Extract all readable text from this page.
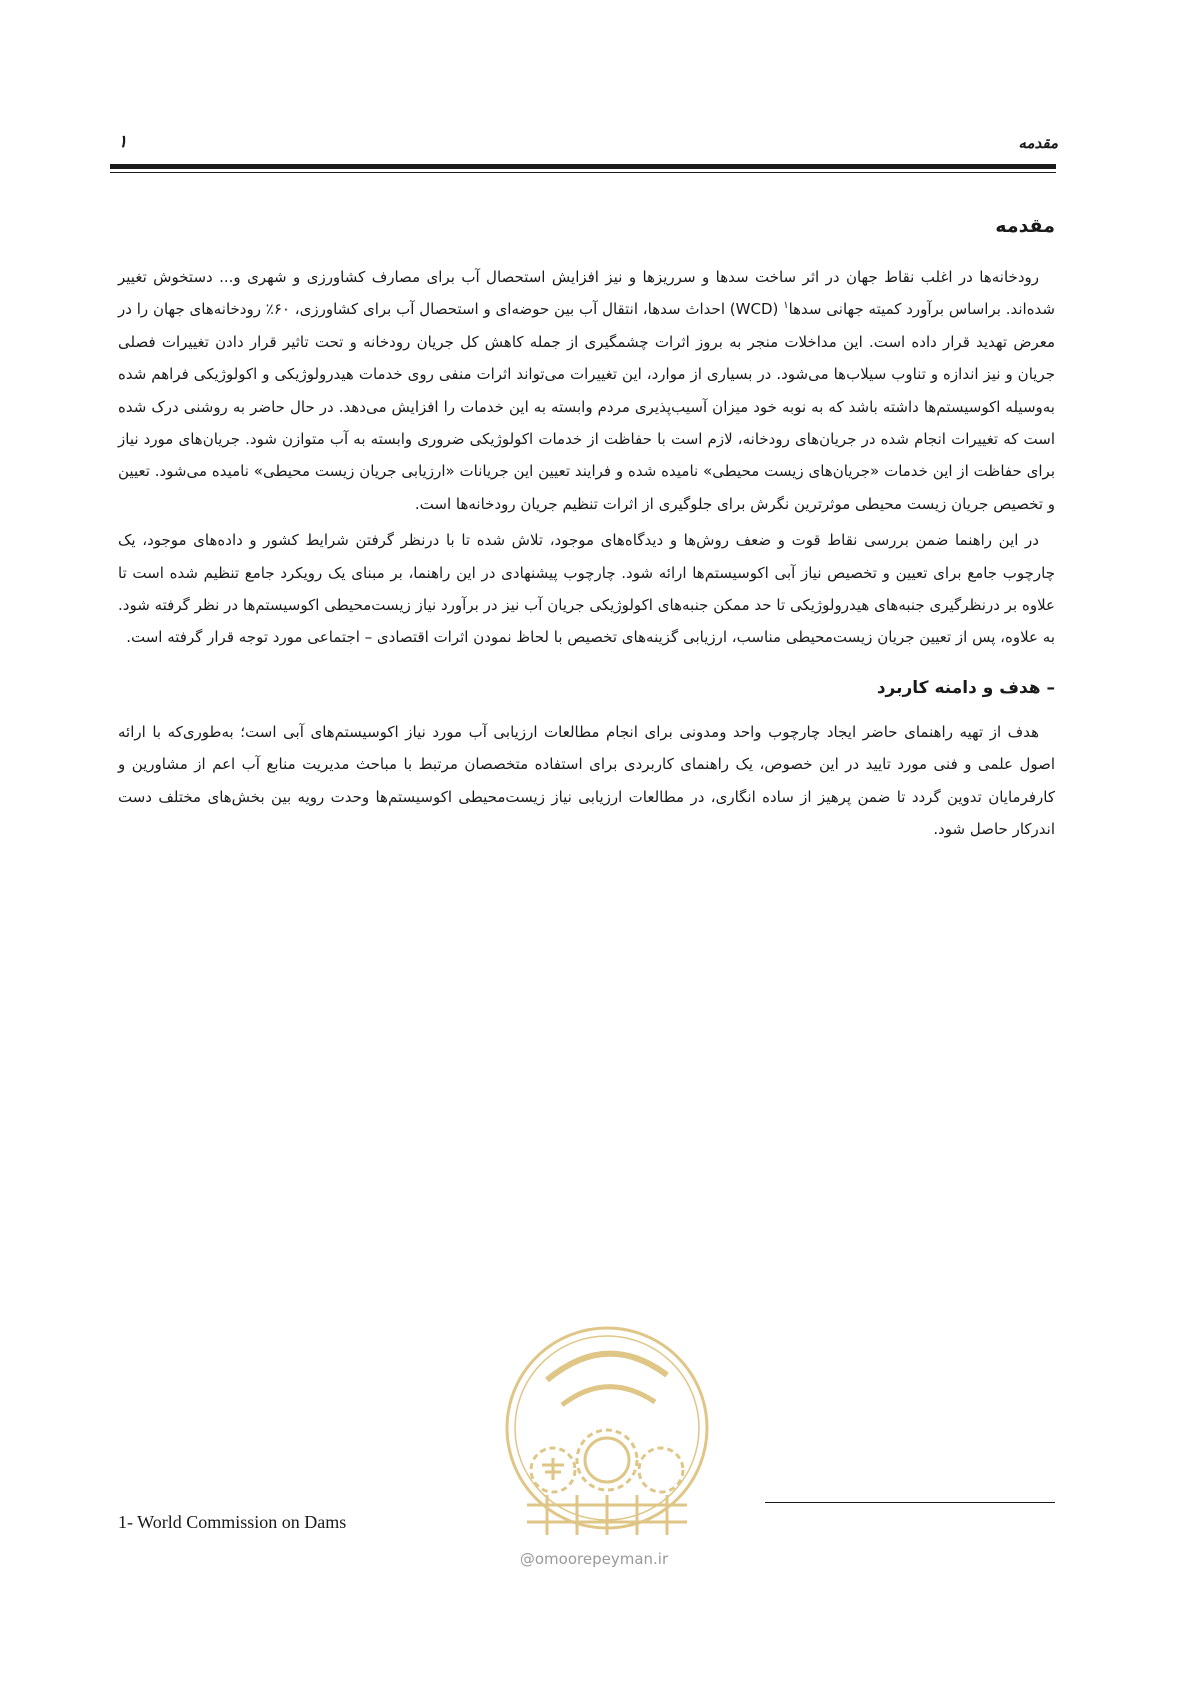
مقدمه
۱
مقدمه

رودخانه‌ها در اغلب نقاط جهان در اثر ساخت سدها و سرریزها و نیز افزایش استحصال آب برای مصارف کشاورزی و شهری و... دستخوش تغییر شده‌اند. براساس برآورد کمیته جهانی سدها$^۱$ (WCD) احداث سدها، انتقال آب بین حوضه‌ای و استحصال آب برای کشاورزی، ۶۰٪ رودخانه‌های جهان را در معرض تهدید قرار داده است. این مداخلات منجر به بروز اثرات چشمگیری از جمله کاهش کل جریان رودخانه و تحت تاثیر قرار دادن تغییرات فصلی جریان و نیز اندازه و تناوب سیلاب‌ها می‌شود. در بسیاری از موارد، این تغییرات می‌تواند اثرات منفی روی خدمات هیدرولوژیکی و اکولوژیکی فراهم شده به‌وسیله اکوسیستم‌ها داشته باشد که به نوبه خود میزان آسیب‌پذیری مردم وابسته به این خدمات را افزایش می‌دهد. در حال حاضر به روشنی درک شده است که تغییرات انجام شده در جریان‌های رودخانه، لازم است با حفاظت از خدمات اکولوژیکی ضروری وابسته به آب متوازن شود. جریان‌های مورد نیاز برای حفاظت از این خدمات «جریان‌های زیست محیطی» نامیده شده و فرایند تعیین این جریانات «ارزیابی جریان زیست محیطی» نامیده می‌شود. تعیین و تخصیص جریان زیست محیطی موثرترین نگرش برای جلوگیری از اثرات تنظیم جریان رودخانه‌ها است.

در این راهنما ضمن بررسی نقاط قوت و ضعف روش‌ها و دیدگاه‌های موجود، تلاش شده تا با درنظر گرفتن شرایط کشور و داده‌های موجود، یک چارچوب جامع برای تعیین و تخصیص نیاز آبی اکوسیستم‌ها ارائه شود. چارچوب پیشنهادی در این راهنما، بر مبنای یک رویکرد جامع تنظیم شده است تا علاوه بر درنظرگیری جنبه‌های هیدرولوژیکی تا حد ممکن جنبه‌های اکولوژیکی جریان آب نیز در برآورد نیاز زیست‌محیطی اکوسیستم‌ها در نظر گرفته شود. به علاوه، پس از تعیین جریان زیست‌محیطی مناسب، ارزیابی گزینه‌های تخصیص با لحاظ نمودن اثرات اقتصادی – اجتماعی مورد توجه قرار گرفته است.

– هدف و دامنه کاربرد

هدف از تهیه راهنمای حاضر ایجاد چارچوب واحد ومدونی برای انجام مطالعات ارزیابی آب مورد نیاز اکوسیستم‌های آبی است؛ به‌طوری‌که با ارائه اصول علمی و فنی مورد تایید در این خصوص، یک راهنمای کاربردی برای استفاده متخصصان مرتبط با مباحث مدیریت منابع آب اعم از مشاورین و کارفرمایان تدوین گردد تا ضمن پرهیز از ساده انگاری، در مطالعات ارزیابی نیاز زیست‌محیطی اکوسیستم‌ها وحدت رویه بین بخش‌های مختلف دست اندرکار حاصل شود.

@omoorepeyman.ir
1- World Commission on Dams
